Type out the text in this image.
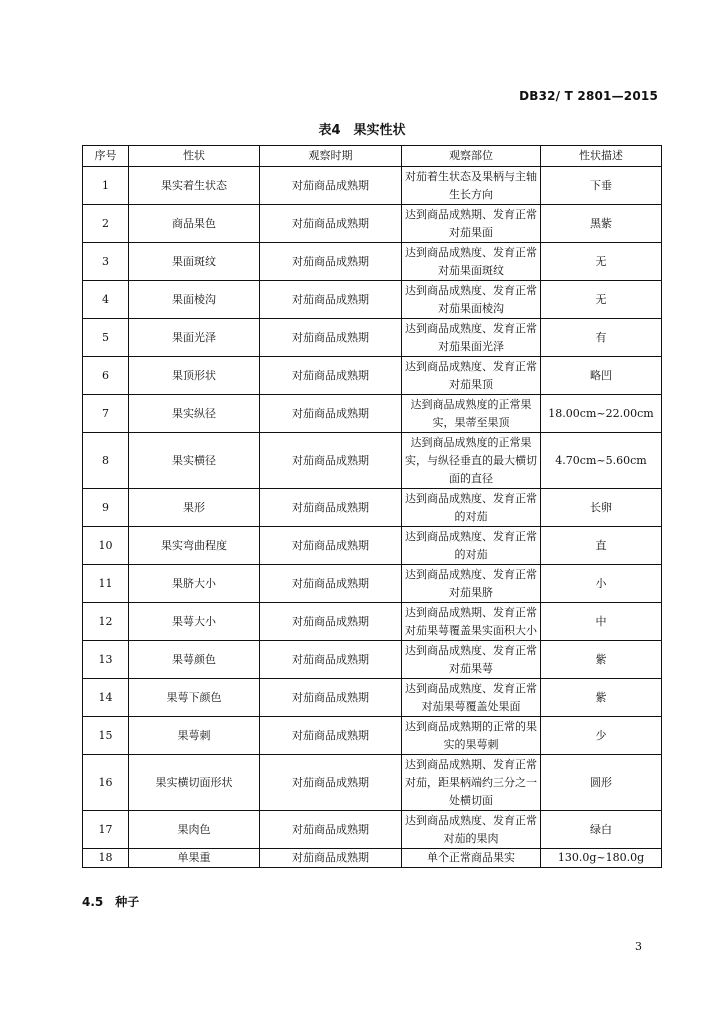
DB32/ T 2801—2015
表4　果实性状
序号	性状	观察时期	观察部位	性状描述
1	果实着生状态	对茄商品成熟期	对茄着生状态及果柄与主轴生长方向	下垂
2	商品果色	对茄商品成熟期	达到商品成熟期、发育正常对茄果面	黑紫
3	果面斑纹	对茄商品成熟期	达到商品成熟度、发育正常对茄果面斑纹	无
4	果面棱沟	对茄商品成熟期	达到商品成熟度、发育正常对茄果面棱沟	无
5	果面光泽	对茄商品成熟期	达到商品成熟度、发育正常对茄果面光泽	有
6	果顶形状	对茄商品成熟期	达到商品成熟度、发育正常对茄果顶	略凹
7	果实纵径	对茄商品成熟期	达到商品成熟度的正常果实，果蒂至果顶	18.00cm~22.00cm
8	果实横径	对茄商品成熟期	达到商品成熟度的正常果实，与纵径垂直的最大横切面的直径	4.70cm~5.60cm
9	果形	对茄商品成熟期	达到商品成熟度、发育正常的对茄	长卵
10	果实弯曲程度	对茄商品成熟期	达到商品成熟度、发育正常的对茄	直
11	果脐大小	对茄商品成熟期	达到商品成熟度、发育正常对茄果脐	小
12	果萼大小	对茄商品成熟期	达到商品成熟期、发育正常对茄果萼覆盖果实面积大小	中
13	果萼颜色	对茄商品成熟期	达到商品成熟度、发育正常对茄果萼	紫
14	果萼下颜色	对茄商品成熟期	达到商品成熟度、发育正常对茄果萼覆盖处果面	紫
15	果萼刺	对茄商品成熟期	达到商品成熟期的正常的果实的果萼刺	少
16	果实横切面形状	对茄商品成熟期	达到商品成熟期、发育正常对茄，距果柄端约三分之一处横切面	圆形
17	果肉色	对茄商品成熟期	达到商品成熟度、发育正常对茄的果肉	绿白
18	单果重	对茄商品成熟期	单个正常商品果实	130.0g~180.0g
4.5　种子
3
